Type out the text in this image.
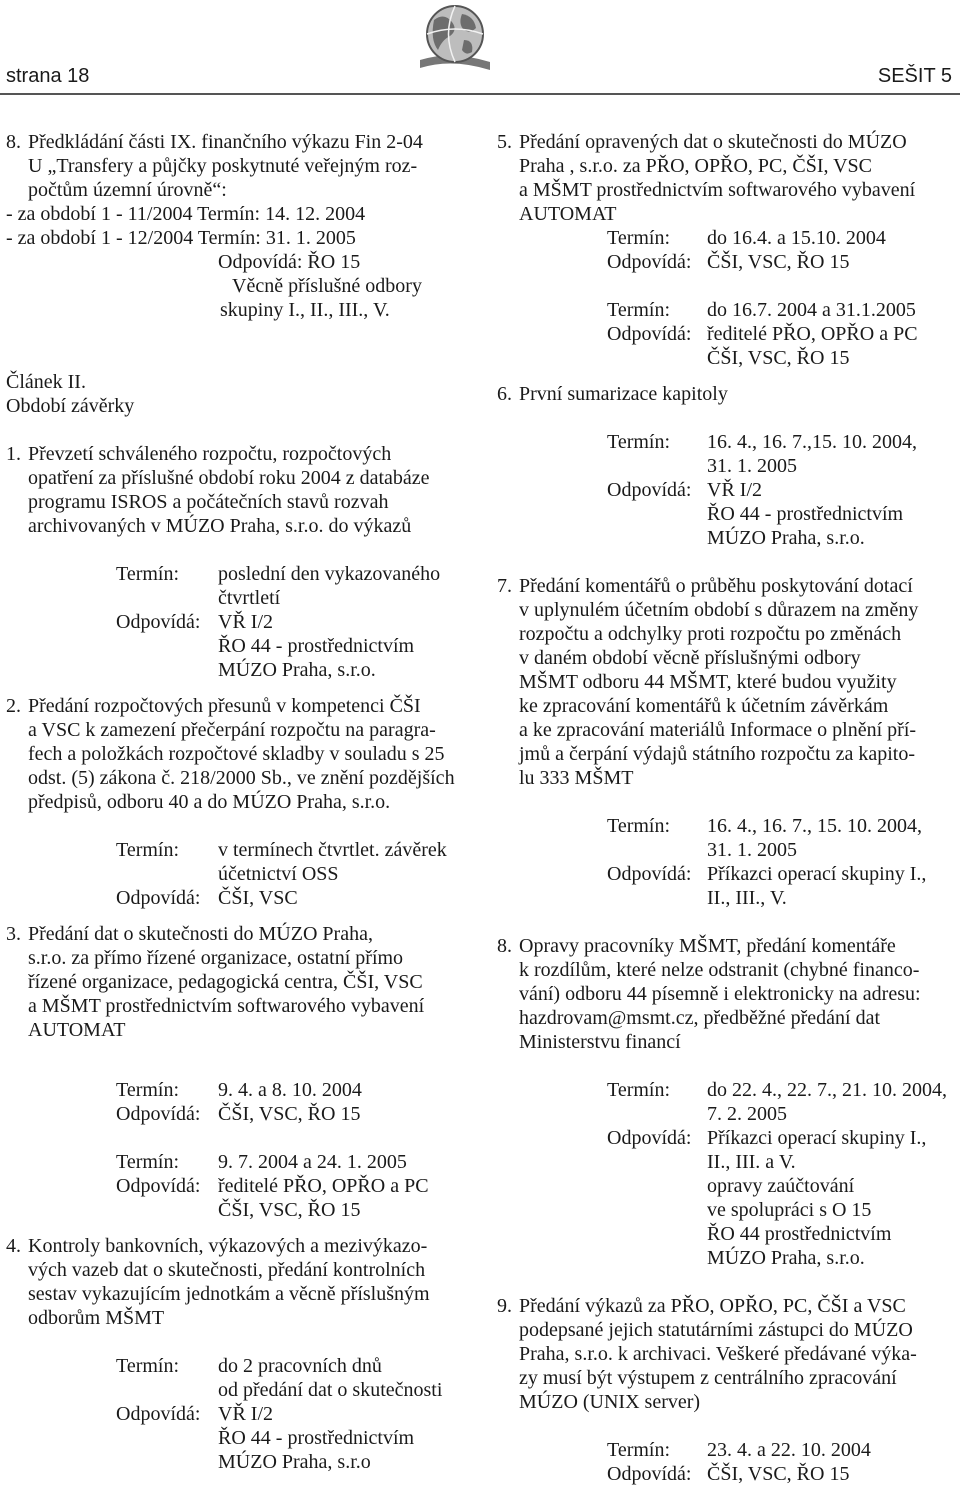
strana 18	SEŠIT 5
8. Předkládání části IX. finančního výkazu Fin 2-04
U „Transfery a půjčky poskytnuté veřejným roz-
počtům územní úrovně“:
- za období 1 - 11/2004 Termín: 14. 12. 2004
- za období 1 - 12/2004 Termín: 31. 1. 2005
Odpovídá: ŘO 15
Věcně příslušné odbory
skupiny I., II., III., V.
Článek II.
Období závěrky
1. Převzetí schváleného rozpočtu, rozpočtových
opatření za příslušné období roku 2004 z databáze
programu ISROS a počátečních stavů rozvah
archivovaných v MÚZO Praha, s.r.o. do výkazů
Termín: poslední den vykazovaného
čtvrtletí
Odpovídá: VŘ I/2
ŘO 44 - prostřednictvím
MÚZO Praha, s.r.o.
2. Předání rozpočtových přesunů v kompetenci ČŠI
a VSC k zamezení přečerpání rozpočtu na paragra-
fech a položkách rozpočtové skladby v souladu s 25
odst. (5) zákona č. 218/2000 Sb., ve znění pozdějších
předpisů, odboru 40 a do MÚZO Praha, s.r.o.
Termín: v termínech čtvrtlet. závěrek
účetnictví OSS
Odpovídá: ČŠI, VSC
3. Předání dat o skutečnosti do MÚZO Praha,
s.r.o. za přímo řízené organizace, ostatní přímo
řízené organizace, pedagogická centra, ČŠI, VSC
a MŠMT prostřednictvím softwarového vybavení
AUTOMAT
Termín: 9. 4. a 8. 10. 2004
Odpovídá: ČŠI, VSC, ŘO 15
Termín: 9. 7. 2004 a 24. 1. 2005
Odpovídá: ředitelé PŘO, OPŘO a PC
ČŠI, VSC, ŘO 15
4. Kontroly bankovních, výkazových a mezivýkazo-
vých vazeb dat o skutečnosti, předání kontrolních
sestav vykazujícím jednotkám a věcně příslušným
odborům MŠMT
Termín: do 2 pracovních dnů
od předání dat o skutečnosti
Odpovídá: VŘ I/2
ŘO 44 - prostřednictvím
MÚZO Praha, s.r.o
5. Předání opravených dat o skutečnosti do MÚZO
Praha , s.r.o. za PŘO, OPŘO, PC, ČŠI, VSC
a MŠMT prostřednictvím softwarového vybavení
AUTOMAT
Termín: do 16.4. a 15.10. 2004
Odpovídá: ČŠI, VSC, ŘO 15
Termín: do 16.7. 2004 a 31.1.2005
Odpovídá: ředitelé PŘO, OPŘO a PC
ČŠI, VSC, ŘO 15
6. První sumarizace kapitoly
Termín: 16. 4., 16. 7.,15. 10. 2004,
31. 1. 2005
Odpovídá: VŘ I/2
ŘO 44 - prostřednictvím
MÚZO Praha, s.r.o.
7. Předání komentářů o průběhu poskytování dotací
v uplynulém účetním období s důrazem na změny
rozpočtu a odchylky proti rozpočtu po změnách
v daném období věcně příslušnými odbory
MŠMT odboru 44 MŠMT, které budou využity
ke zpracování komentářů k účetním závěrkám
a ke zpracování materiálů Informace o plnění pří-
jmů a čerpání výdajů státního rozpočtu za kapito-
lu 333 MŠMT
Termín: 16. 4., 16. 7., 15. 10. 2004,
31. 1. 2005
Odpovídá: Příkazci operací skupiny I.,
II., III., V.
8. Opravy pracovníky MŠMT, předání komentáře
k rozdílům, které nelze odstranit (chybné financo-
vání) odboru 44 písemně i elektronicky na adresu:
hazdrovam@msmt.cz, předběžné předání dat
Ministerstvu financí
Termín: do 22. 4., 22. 7., 21. 10. 2004,
7. 2. 2005
Odpovídá: Příkazci operací skupiny I.,
II., III. a V.
opravy zaúčtování
ve spolupráci s O 15
ŘO 44 prostřednictvím
MÚZO Praha, s.r.o.
9. Předání výkazů za PŘO, OPŘO, PC, ČŠI a VSC
podepsané jejich statutárními zástupci do MÚZO
Praha, s.r.o. k archivaci. Veškeré předávané výka-
zy musí být výstupem z centrálního zpracování
MÚZO (UNIX server)
Termín: 23. 4. a 22. 10. 2004
Odpovídá: ČŠI, VSC, ŘO 15
